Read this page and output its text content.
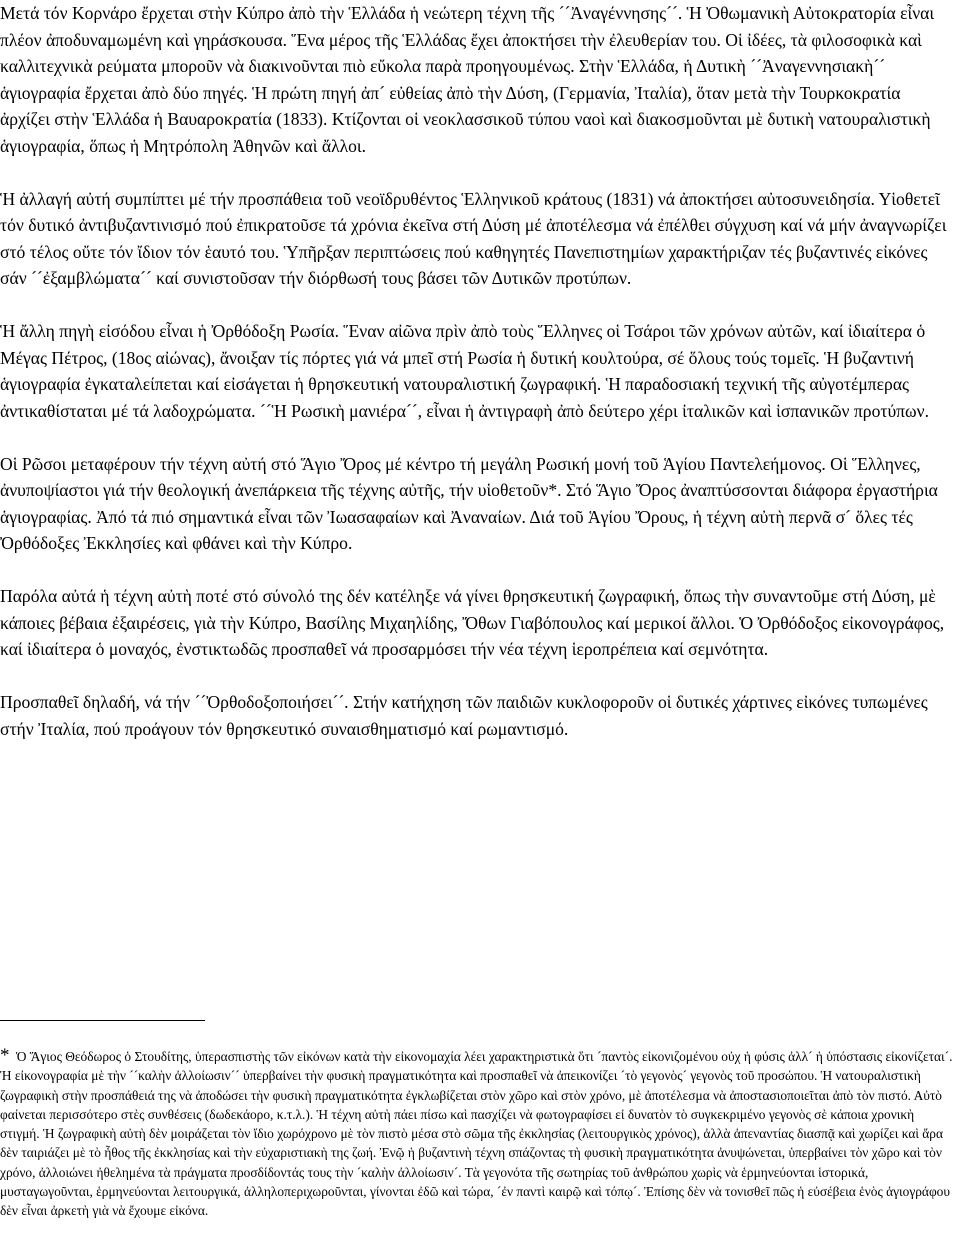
Μετά τόν Κορνάρο ἔρχεται στὴν Κύπρο ἀπὸ τὴν Ἑλλάδα ἡ νεώτερη τέχνη τῆς ´´Ἀναγέννησης´´. Ἡ Ὀθωμανικὴ Αὐτοκρατορία εἶναι πλέον ἀποδυναμωμένη καὶ γηράσκουσα. Ἕνα μέρος τῆς Ἑλλάδας ἔχει ἀποκτήσει τὴν ἐλευθερίαν του. Οἱ ἰδέες, τὰ φιλοσοφικὰ καὶ καλλιτεχνικὰ ρεύματα μποροῦν νὰ διακινοῦνται πιὸ εὔκολα παρὰ προηγουμένως. Στὴν Ἑλλάδα, ἡ Δυτικὴ ´´Ἀναγεννησιακὴ´´ ἁγιογραφία ἔρχεται ἀπὸ δύο πηγές. Ἡ πρώτη πηγή ἀπ´ εὐθείας ἀπὸ τὴν Δύση, (Γερμανία, Ἰταλία), ὅταν μετὰ τὴν Τουρκοκρατία ἀρχίζει στὴν Ἑλλάδα ἡ Βαυαροκρατία (1833). Κτίζονται οἱ νεοκλασσικοῦ τύπου ναοὶ καὶ διακοσμοῦνται μὲ δυτικὴ νατουραλιστικὴ ἁγιογραφία, ὅπως ἡ Μητρόπολη Ἀθηνῶν καὶ ἄλλοι.

Ἡ ἀλλαγή αὐτή συμπίπτει μέ τήν προσπάθεια τοῦ νεοϊδρυθέντος Ἑλληνικοῦ κράτους (1831) νά ἀποκτήσει αὐτοσυνειδησία. Υἱοθετεῖ τόν δυτικό ἀντιβυζαντινισμό πού ἐπικρατοῦσε τά χρόνια ἐκεῖνα στή Δύση μέ ἀποτέλεσμα νά ἐπέλθει σύγχυση καί νά μήν ἀναγνωρίζει στό τέλος οὔτε τόν ἴδιον τόν ἑαυτό του. Ὑπῆρξαν περιπτώσεις πού καθηγητές Πανεπιστημίων χαρακτήριζαν τές βυζαντινές εἰκόνες σάν ´´ἐξαμβλώματα´´ καί συνιστοῦσαν τήν διόρθωσή τους βάσει τῶν Δυτικῶν προτύπων.

Ἡ ἄλλη πηγὴ εἰσόδου εἶναι ἡ Ὀρθόδοξη Ρωσία. Ἕναν αἰῶνα πρὶν ἀπὸ τοὺς Ἕλληνες οἱ Τσάροι τῶν χρόνων αὐτῶν, καί ἰδιαίτερα ὁ Μέγας Πέτρος, (18ος αἰώνας), ἄνοιξαν τίς πόρτες γιά νά μπεῖ στή Ρωσία ἡ δυτική κουλτούρα, σέ ὅλους τούς τομεῖς. Ἡ βυζαντινή ἁγιογραφία ἐγκαταλείπεται καί εἰσάγεται ἡ θρησκευτική νατουραλιστική ζωγραφική. Ἡ παραδοσιακή τεχνική τῆς αὐγοτέμπερας ἀντικαθίσταται μέ τά λαδοχρώματα. ´´Ἡ Ρωσικὴ μανιέρα´´, εἶναι ἡ ἀντιγραφὴ ἀπὸ δεύτερο χέρι ἰταλικῶν καὶ ἱσπανικῶν προτύπων.

Οἱ Ρῶσοι μεταφέρουν τήν τέχνη αὐτή στό Ἅγιο Ὄρος μέ κέντρο τή μεγάλη Ρωσική μονή τοῦ Ἁγίου Παντελεήμονος. Οἱ Ἕλληνες, ἀνυποψίαστοι γιά τήν θεολογική ἀνεπάρκεια τῆς τέχνης αὐτῆς, τήν υἱοθετοῦν*. Στό Ἅγιο Ὄρος ἀναπτύσσονται διάφορα ἐργαστήρια ἁγιογραφίας. Ἀπό τά πιό σημαντικά εἶναι τῶν Ἰωασαφαίων καὶ Ἀναναίων. Διά τοῦ Ἁγίου Ὄρους, ἡ τέχνη αὐτὴ περνᾶ σ´ ὅλες τές Ὀρθόδοξες Ἐκκλησίες καὶ φθάνει καὶ τὴν Κύπρο.

Παρόλα αὐτά ἡ τέχνη αὐτὴ ποτέ στό σύνολό της δέν κατέληξε νά γίνει θρησκευτική ζωγραφική, ὅπως τὴν συναντοῦμε στή Δύση, μὲ κάποιες βέβαια ἐξαιρέσεις, γιὰ τὴν Κύπρο, Βασίλης Μιχαηλίδης, Ὄθων Γιαβόπουλος καί μερικοί ἄλλοι. Ὁ Ὀρθόδοξος εἰκονογράφος, καί ἰδιαίτερα ὁ μοναχός, ἐνστικτωδῶς προσπαθεῖ νά προσαρμόσει τήν νέα τέχνη ἱεροπρέπεια καί σεμνότητα.

Προσπαθεῖ δηλαδή, νά τήν ´´Ὀρθοδοξοποιήσει´´. Στήν κατήχηση τῶν παιδιῶν κυκλοφοροῦν οἱ δυτικές χάρτινες εἰκόνες τυπωμένες στήν Ἰταλία, πού προάγουν τόν θρησκευτικό συναισθηματισμό καί ρωμαντισμό.

* Ὁ Ἅγιος Θεόδωρος ὁ Στουδίτης, ὑπερασπιστὴς τῶν εἰκόνων κατὰ τὴν εἰκονομαχία λέει χαρακτηριστικὰ ὅτι ´παντὸς εἰκονιζομένου οὐχ ἡ φύσις ἀλλ´ ἡ ὑπόστασις εἰκονίζεται´. Ἡ εἰκονογραφία μὲ τὴν ´´καλὴν ἀλλοίωσιν´´ ὑπερβαίνει τὴν φυσικὴ πραγματικότητα καὶ προσπαθεῖ νὰ ἀπεικονίζει ´τὸ γεγονὸς´ γεγονὸς τοῦ προσώπου. Ἡ νατουραλιστικὴ ζωγραφικὴ στὴν προσπάθειά της νὰ ἀποδώσει τὴν φυσικὴ πραγματικότητα ἐγκλωβίζεται στὸν χῶρο καὶ στὸν χρόνο, μὲ ἀποτέλεσμα νὰ ἀποστασιοποιεῖται ἀπὸ τὸν πιστό. Αὐτὸ φαίνεται περισσότερο στὲς συνθέσεις (δωδεκάορο, κ.τ.λ.). Ἡ τέχνη αὐτὴ πάει πίσω καὶ πασχίζει νὰ φωτογραφίσει εἰ δυνατὸν τὸ συγκεκριμένο γεγονὸς σὲ κάποια χρονικὴ στιγμή. Ἡ ζωγραφικὴ αὐτὴ δὲν μοιράζεται τὸν ἴδιο χωρόχρονο μὲ τὸν πιστὸ μέσα στὸ σῶμα τῆς ἐκκλησίας (λειτουργικὸς χρόνος), ἀλλὰ ἀπεναντίας διασπᾷ καὶ χωρίζει καὶ ἄρα δὲν ταιριάζει μὲ τὸ ἦθος τῆς ἐκκλησίας καὶ τὴν εὐχαριστιακὴ της ζωή. Ἐνῷ ἡ βυζαντινὴ τέχνη σπάζοντας τὴ φυσικὴ πραγματικότητα ἀνυψώνεται, ὑπερβαίνει τὸν χῶρο καὶ τὸν χρόνο, ἀλλοιώνει ἠθελημένα τὰ πράγματα προσδίδοντάς τους τὴν ´καλὴν ἀλλοίωσιν´. Τὰ γεγονότα τῆς σωτηρίας τοῦ ἀνθρώπου χωρὶς νὰ ἑρμηνεύονται ἱστορικά, μυσταγωγοῦνται, ἑρμηνεύονται λειτουργικά, ἀλληλοπεριχωροῦνται, γίνονται ἐδῶ καὶ τώρα, ´ἐν παντὶ καιρῷ καὶ τόπῳ´. Ἐπίσης δὲν νὰ τονισθεῖ πῶς ἡ εὐσέβεια ἑνὸς ἁγιογράφου δὲν εἶναι ἀρκετὴ γιὰ νὰ ἔχουμε εἰκόνα.
